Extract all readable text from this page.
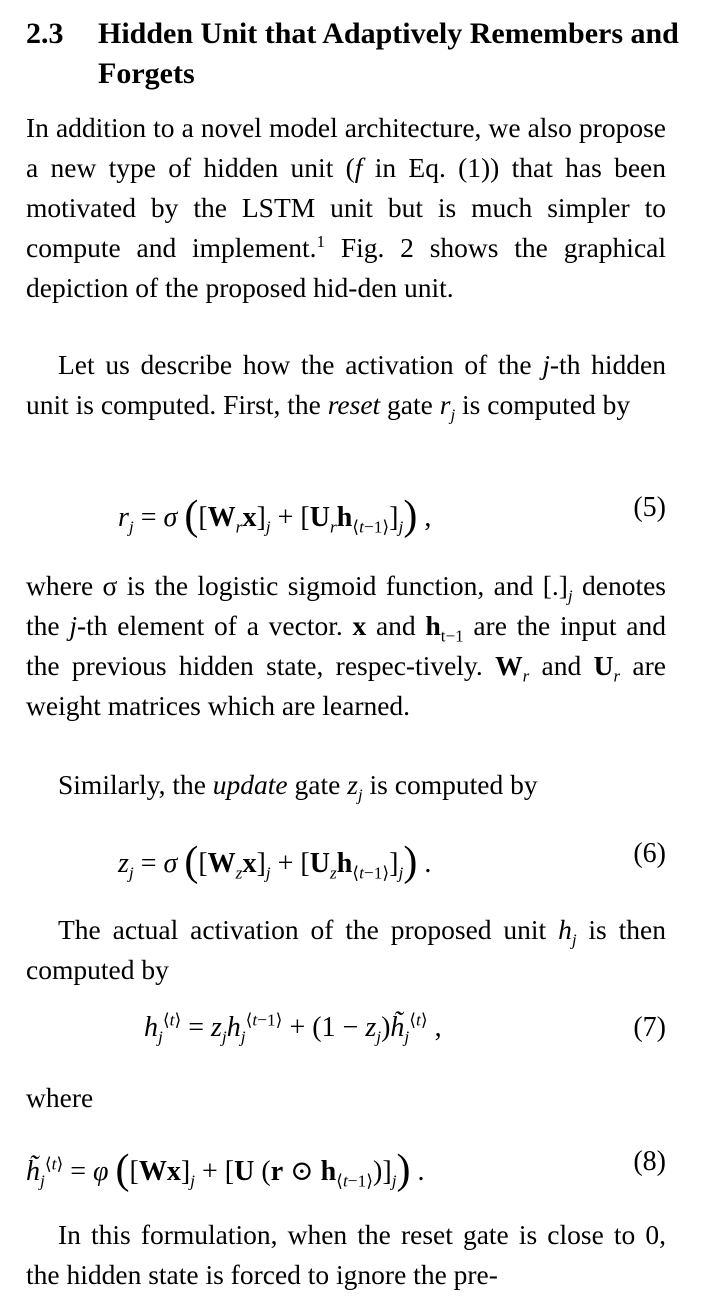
2.3 Hidden Unit that Adaptively Remembers and Forgets

In addition to a novel model architecture, we also propose a new type of hidden unit (f in Eq. (1)) that has been motivated by the LSTM unit but is much simpler to compute and implement.$^1$ Fig. 2 shows the graphical depiction of the proposed hid-den unit.

Let us describe how the activation of the j-th hidden unit is computed. First, the reset gate $r_j$ is computed by

$r_j = \sigma$ $([W_rx]_j + [U_rh_{⟨t-1⟩}]_j)$ ,	(5)

where σ is the logistic sigmoid function, and $[.]_j$ denotes the j-th element of a vector. x and $h_{t-1}$ are the input and the previous hidden state, respec-tively. $W_r$ and $U_r$ are weight matrices which are learned.

Similarly, the update gate $z_j$ is computed by

$z_j = \sigma$ $([W_zx]_j + [U_zh_{⟨t-1⟩}]_j)$ .	(6)

The actual activation of the proposed unit $h_j$ is then computed by

$h_j^{⟨t⟩} = z_jh_j^{⟨t-1⟩} + (1$ − $z_j)h̃_j^{⟨t⟩}$ ,	(7)
where
$h̃_j^{⟨t⟩} = \varphi$ ($[Wx]_j + [U$ (r ⊙ $h_{⟨t-1⟩})]_j$) .	(8)

In this formulation, when the reset gate is close to 0, the hidden state is forced to ignore the pre-
